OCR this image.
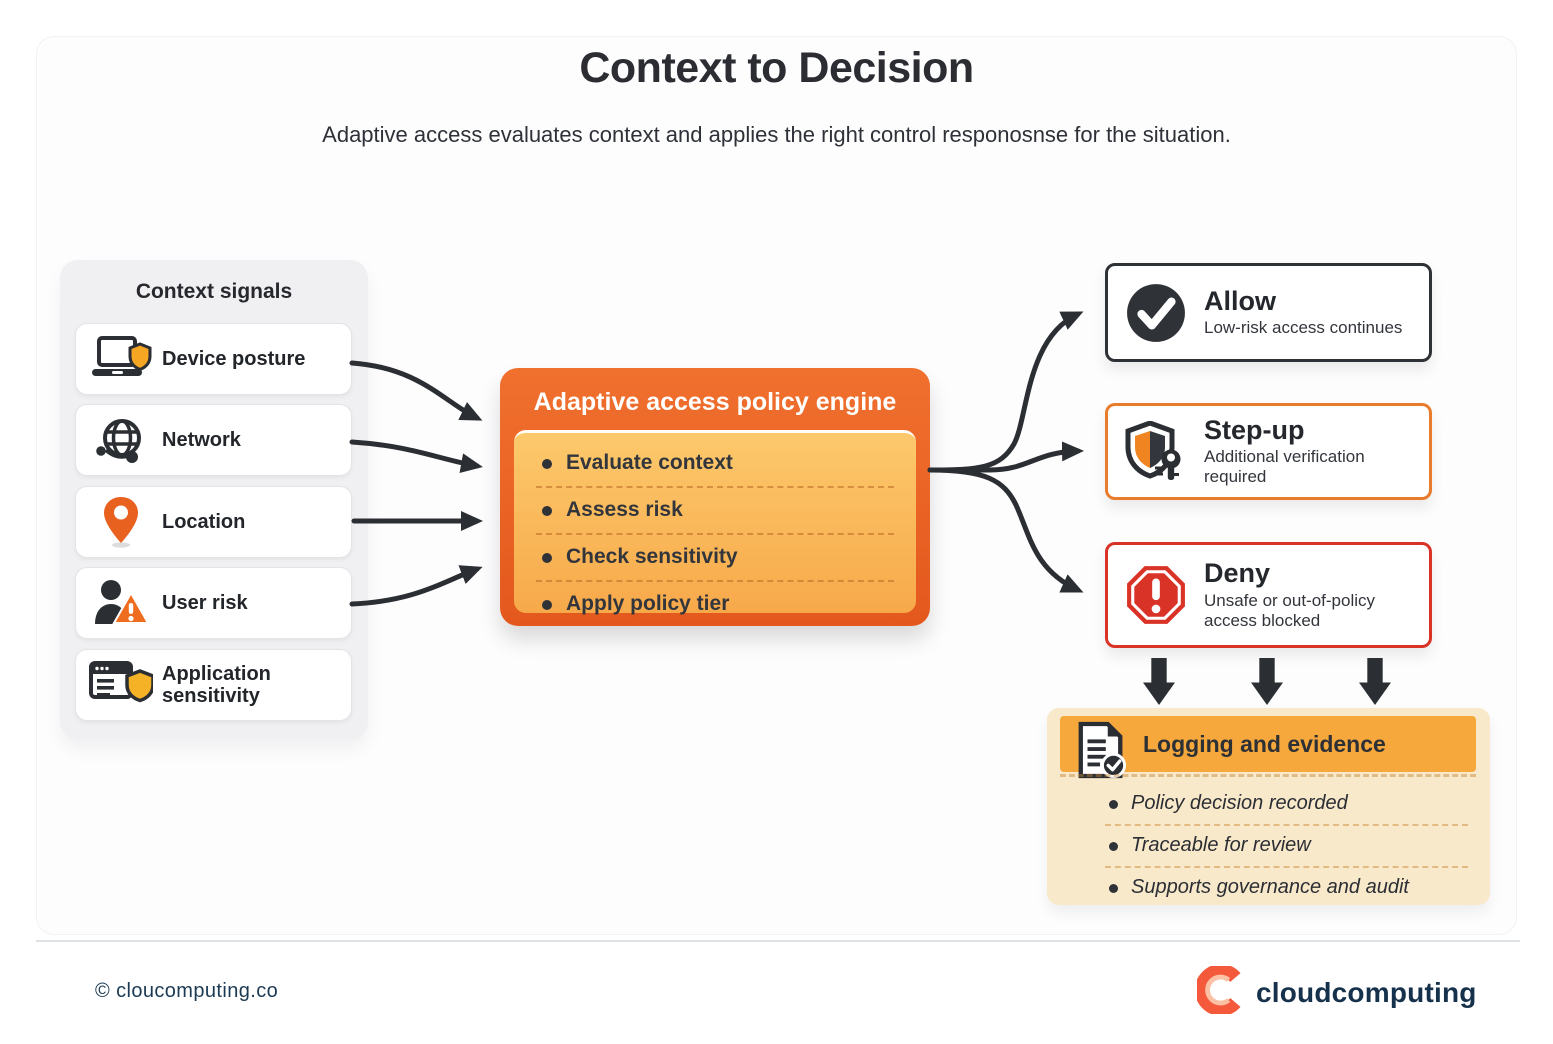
Context to Decision
Adaptive access evaluates context and applies the right control responosnse for the situation.
Context signals
Device posture
Network
Location
User risk
Application sensitivity
Adaptive access policy engine
Evaluate context
Assess risk
Check sensitivity
Apply policy tier
Allow
Low-risk access continues
Step-up
Additional verification required
Deny
Unsafe or out-of-policy access blocked
Logging and evidence
Policy decision recorded
Traceable for review
Supports governance and audit
© cloucomputing.co	cloudcomputing
